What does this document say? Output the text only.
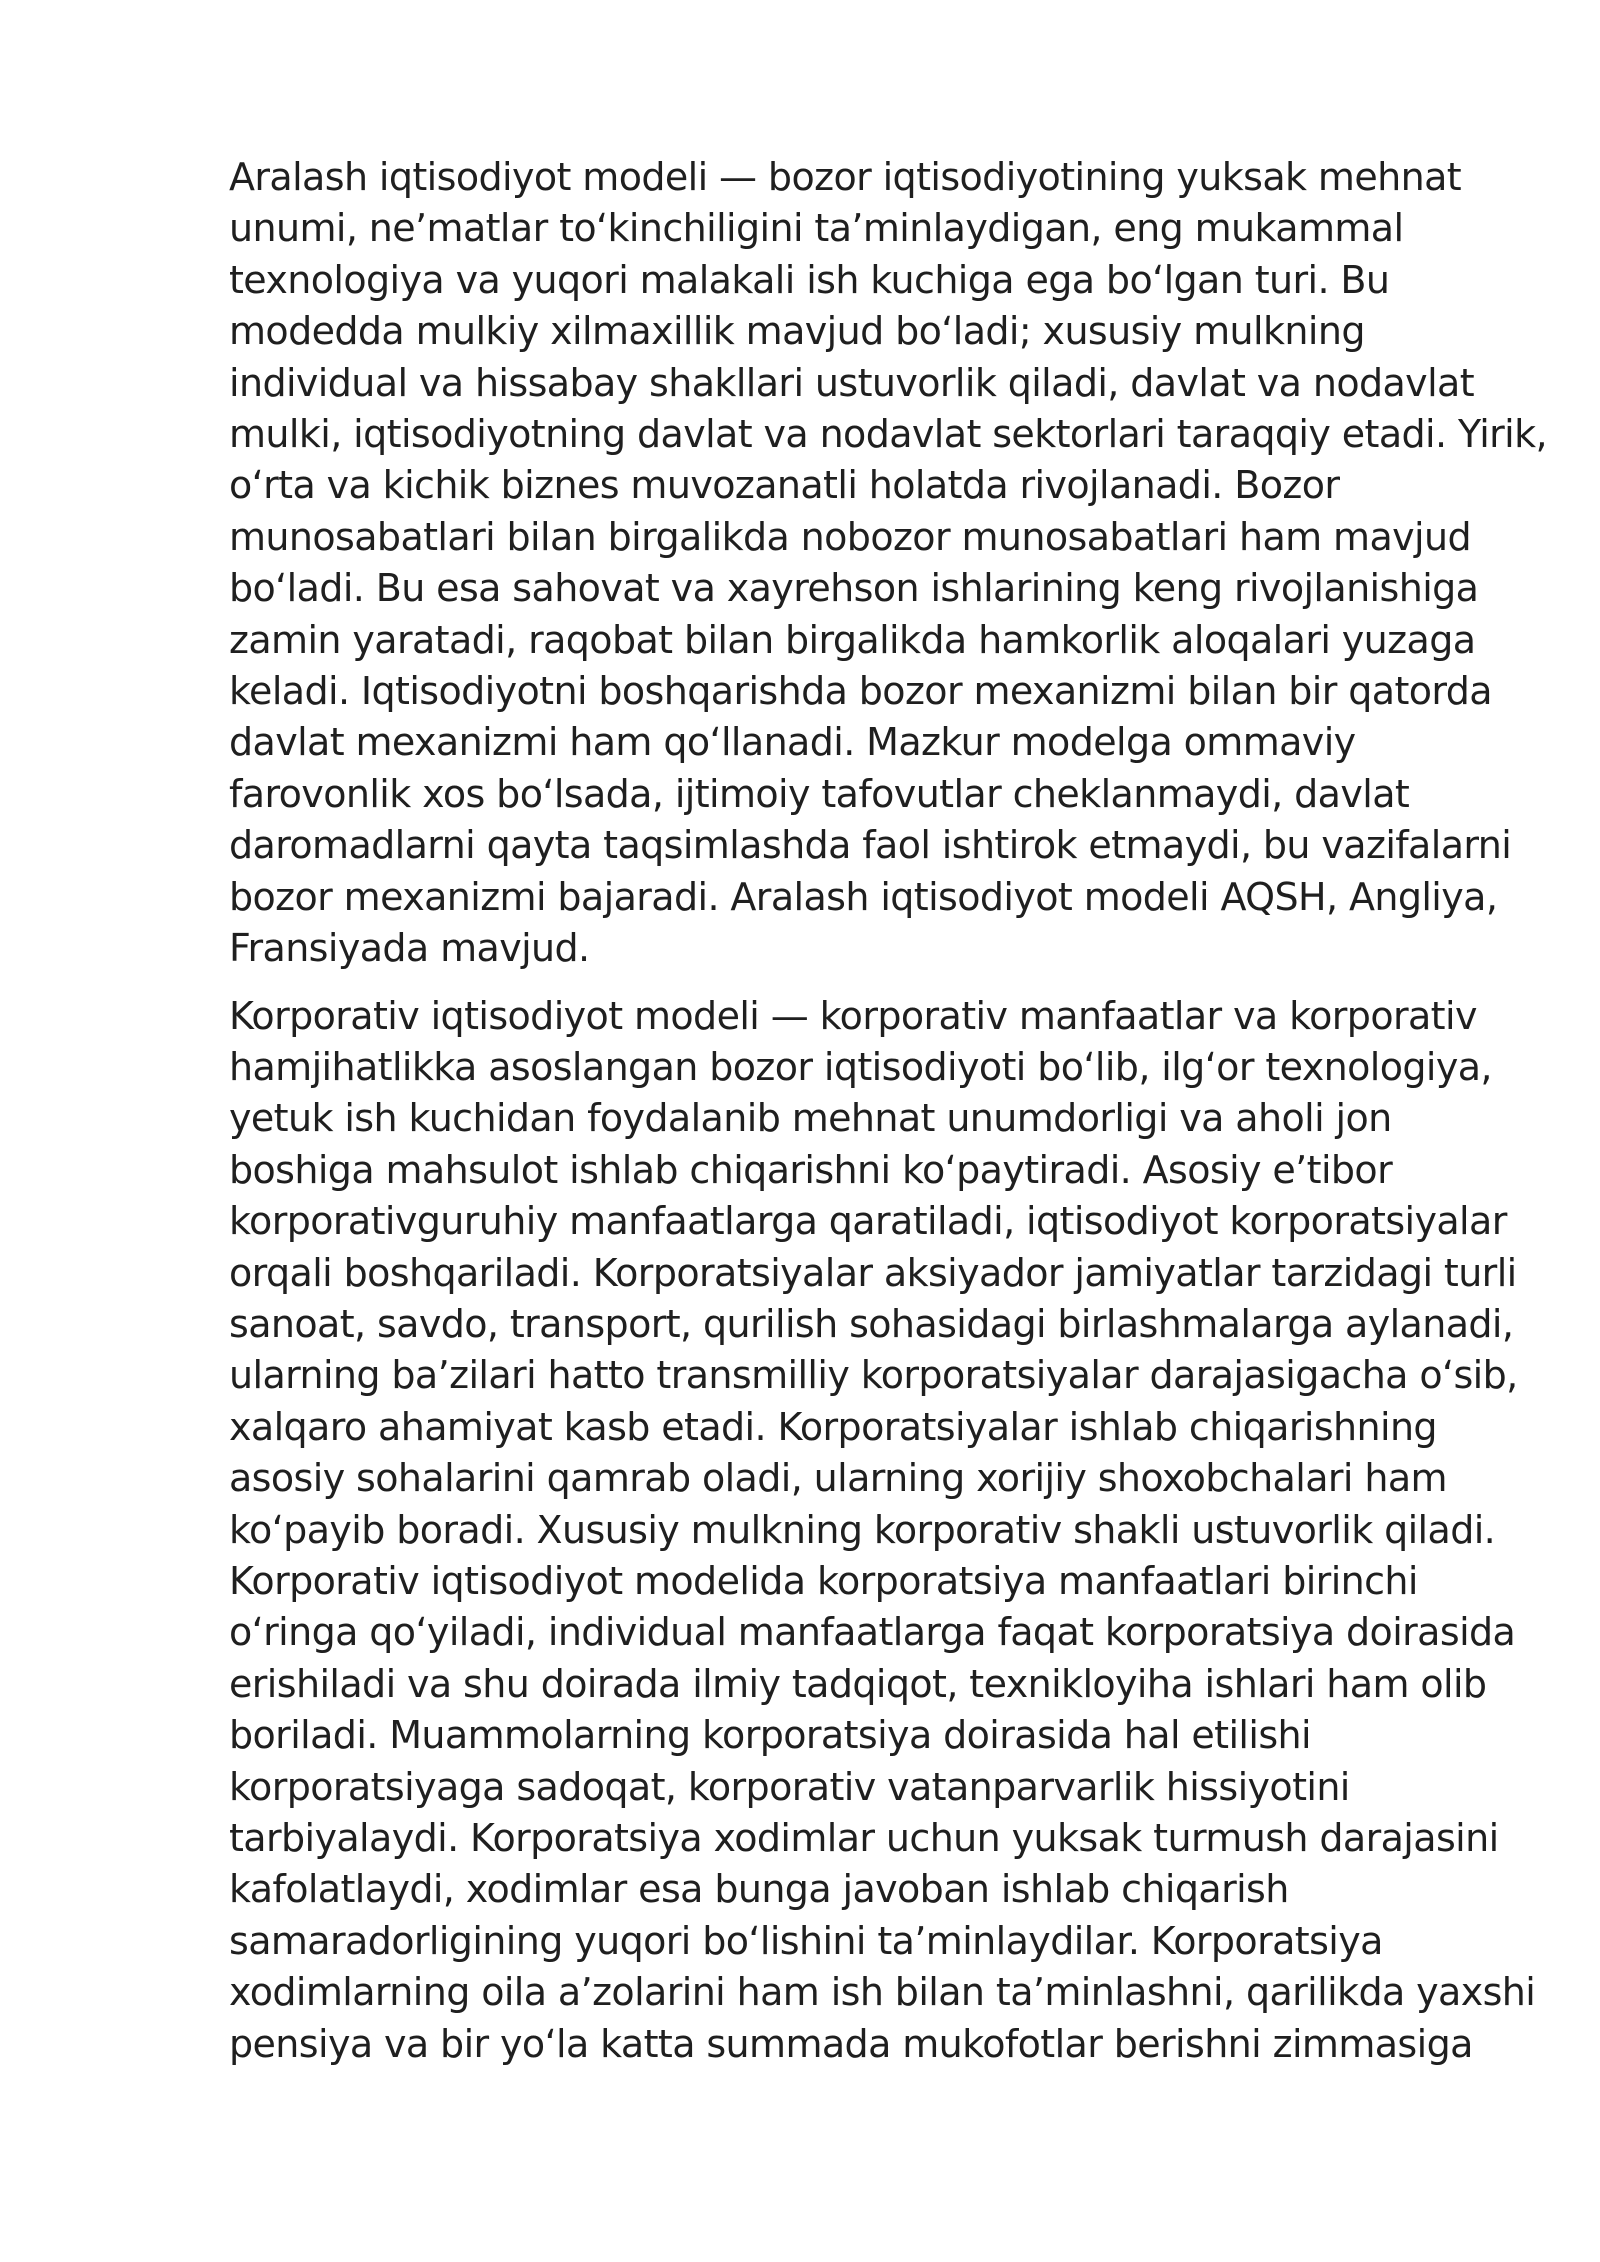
Aralash iqtisodiyot modeli — bozor iqtisodiyotining yuksak mehnat
unumi, ne’matlar to‘kinchiligini ta’minlaydigan, eng mukammal
texnologiya va yuqori malakali ish kuchiga ega bo‘lgan turi. Bu
modedda mulkiy xilmaxillik mavjud bo‘ladi; xususiy mulkning
individual va hissabay shakllari ustuvorlik qiladi, davlat va nodavlat
mulki, iqtisodiyotning davlat va nodavlat sektorlari taraqqiy etadi. Yirik,
o‘rta va kichik biznes muvozanatli holatda rivojlanadi. Bozor
munosabatlari bilan birgalikda nobozor munosabatlari ham mavjud
bo‘ladi. Bu esa sahovat va xayrehson ishlarining keng rivojlanishiga
zamin yaratadi, raqobat bilan birgalikda hamkorlik aloqalari yuzaga
keladi. Iqtisodiyotni boshqarishda bozor mexanizmi bilan bir qatorda
davlat mexanizmi ham qo‘llanadi. Mazkur modelga ommaviy
farovonlik xos bo‘lsada, ijtimoiy tafovutlar cheklanmaydi, davlat
daromadlarni qayta taqsimlashda faol ishtirok etmaydi, bu vazifalarni
bozor mexanizmi bajaradi. Aralash iqtisodiyot modeli AQSH, Angliya,
Fransiyada mavjud.

Korporativ iqtisodiyot modeli — korporativ manfaatlar va korporativ
hamjihatlikka asoslangan bozor iqtisodiyoti bo‘lib, ilg‘or texnologiya,
yetuk ish kuchidan foydalanib mehnat unumdorligi va aholi jon
boshiga mahsulot ishlab chiqarishni ko‘paytiradi. Asosiy e’tibor
korporativguruhiy manfaatlarga qaratiladi, iqtisodiyot korporatsiyalar
orqali boshqariladi. Korporatsiyalar aksiyador jamiyatlar tarzidagi turli
sanoat, savdo, transport, qurilish sohasidagi birlashmalarga aylanadi,
ularning ba’zilari hatto transmilliy korporatsiyalar darajasigacha o‘sib,
xalqaro ahamiyat kasb etadi. Korporatsiyalar ishlab chiqarishning
asosiy sohalarini qamrab oladi, ularning xorijiy shoxobchalari ham
ko‘payib boradi. Xususiy mulkning korporativ shakli ustuvorlik qiladi.
Korporativ iqtisodiyot modelida korporatsiya manfaatlari birinchi
o‘ringa qo‘yiladi, individual manfaatlarga faqat korporatsiya doirasida
erishiladi va shu doirada ilmiy tadqiqot, texnikloyiha ishlari ham olib
boriladi. Muammolarning korporatsiya doirasida hal etilishi
korporatsiyaga sadoqat, korporativ vatanparvarlik hissiyotini
tarbiyalaydi. Korporatsiya xodimlar uchun yuksak turmush darajasini
kafolatlaydi, xodimlar esa bunga javoban ishlab chiqarish
samaradorligining yuqori bo‘lishini ta’minlaydilar. Korporatsiya
xodimlarning oila a’zolarini ham ish bilan ta’minlashni, qarilikda yaxshi
pensiya va bir yo‘la katta summada mukofotlar berishni zimmasiga
